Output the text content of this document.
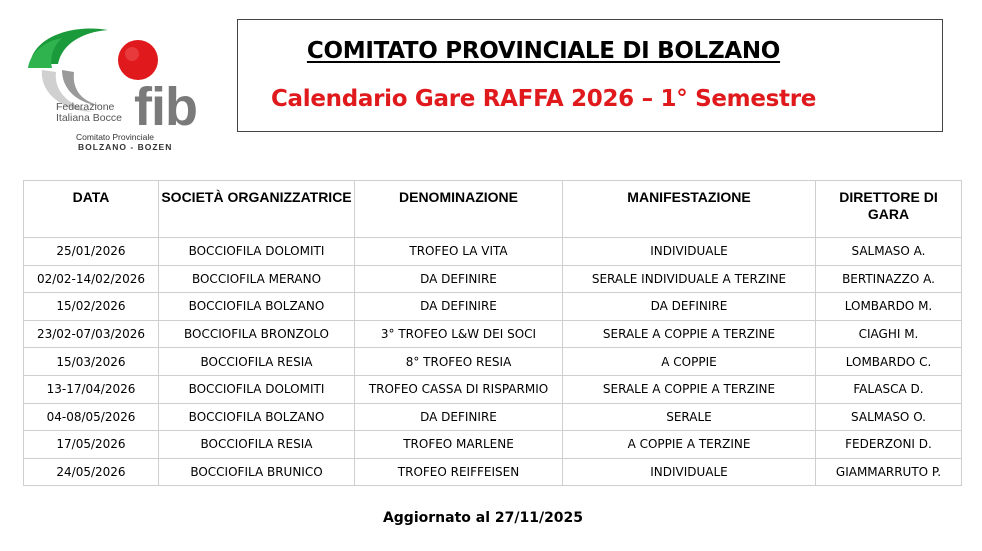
Federazione
Italiana Bocce fib
Comitato Provinciale
BOLZANO - BOZEN
COMITATO PROVINCIALE DI BOLZANO
Calendario Gare RAFFA 2026 – 1° Semestre
DATA	SOCIETÀ ORGANIZZATRICE	DENOMINAZIONE	MANIFESTAZIONE	DIRETTORE DI GARA
25/01/2026	BOCCIOFILA DOLOMITI	TROFEO LA VITA	INDIVIDUALE	SALMASO A.
02/02-14/02/2026	BOCCIOFILA MERANO	DA DEFINIRE	SERALE INDIVIDUALE A TERZINE	BERTINAZZO A.
15/02/2026	BOCCIOFILA BOLZANO	DA DEFINIRE	DA DEFINIRE	LOMBARDO M.
23/02-07/03/2026	BOCCIOFILA BRONZOLO	3° TROFEO L&W DEI SOCI	SERALE A COPPIE A TERZINE	CIAGHI M.
15/03/2026	BOCCIOFILA RESIA	8° TROFEO RESIA	A COPPIE	LOMBARDO C.
13-17/04/2026	BOCCIOFILA DOLOMITI	TROFEO CASSA DI RISPARMIO	SERALE A COPPIE A TERZINE	FALASCA D.
04-08/05/2026	BOCCIOFILA BOLZANO	DA DEFINIRE	SERALE	SALMASO O.
17/05/2026	BOCCIOFILA RESIA	TROFEO MARLENE	A COPPIE A TERZINE	FEDERZONI D.
24/05/2026	BOCCIOFILA BRUNICO	TROFEO REIFFEISEN	INDIVIDUALE	GIAMMARRUTO P.
Aggiornato al 27/11/2025
